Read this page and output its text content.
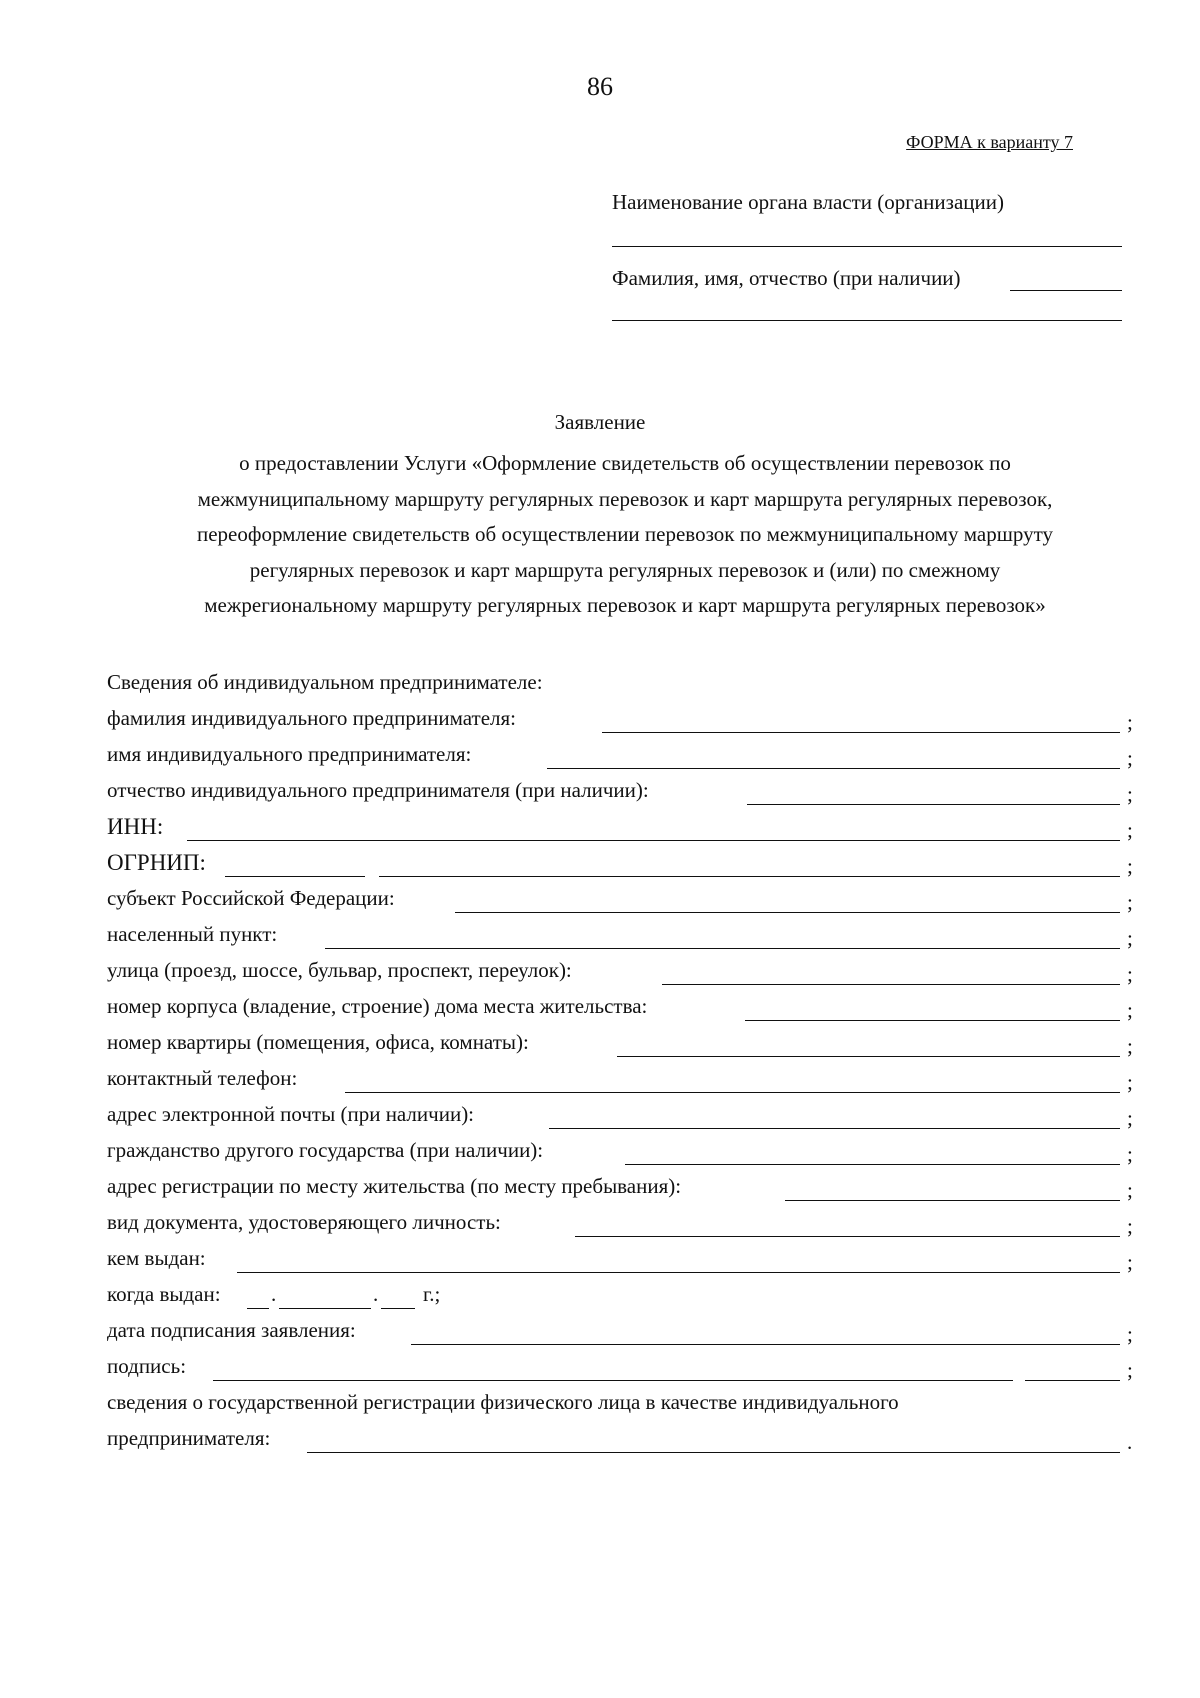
86
ФОРМА к варианту 7
Наименование органа власти (организации)
Фамилия, имя, отчество (при наличии)
Заявление
о предоставлении Услуги «Оформление свидетельств об осуществлении перевозок по
межмуниципальному маршруту регулярных перевозок и карт маршрута регулярных перевозок,
переоформление свидетельств об осуществлении перевозок по межмуниципальному маршруту
регулярных перевозок и карт маршрута регулярных перевозок и (или) по смежному
межрегиональному маршруту регулярных перевозок и карт маршрута регулярных перевозок»
Сведения об индивидуальном предпринимателе:
фамилия индивидуального предпринимателя:	;
имя индивидуального предпринимателя:	;
отчество индивидуального предпринимателя (при наличии):	;
ИНН:	;
ОГРНИП:	;
субъект Российской Федерации:	;
населенный пункт:	;
улица (проезд, шоссе, бульвар, проспект, переулок):	;
номер корпуса (владение, строение) дома места жительства:	;
номер квартиры (помещения, офиса, комнаты):	;
контактный телефон:	;
адрес электронной почты (при наличии):	;
гражданство другого государства (при наличии):	;
адрес регистрации по месту жительства (по месту пребывания):	;
вид документа, удостоверяющего личность:	;
кем выдан:	;
когда выдан: .	. г.;
дата подписания заявления:	;
подпись:	;
сведения о государственной регистрации физического лица в качестве индивидуального
предпринимателя:	.
